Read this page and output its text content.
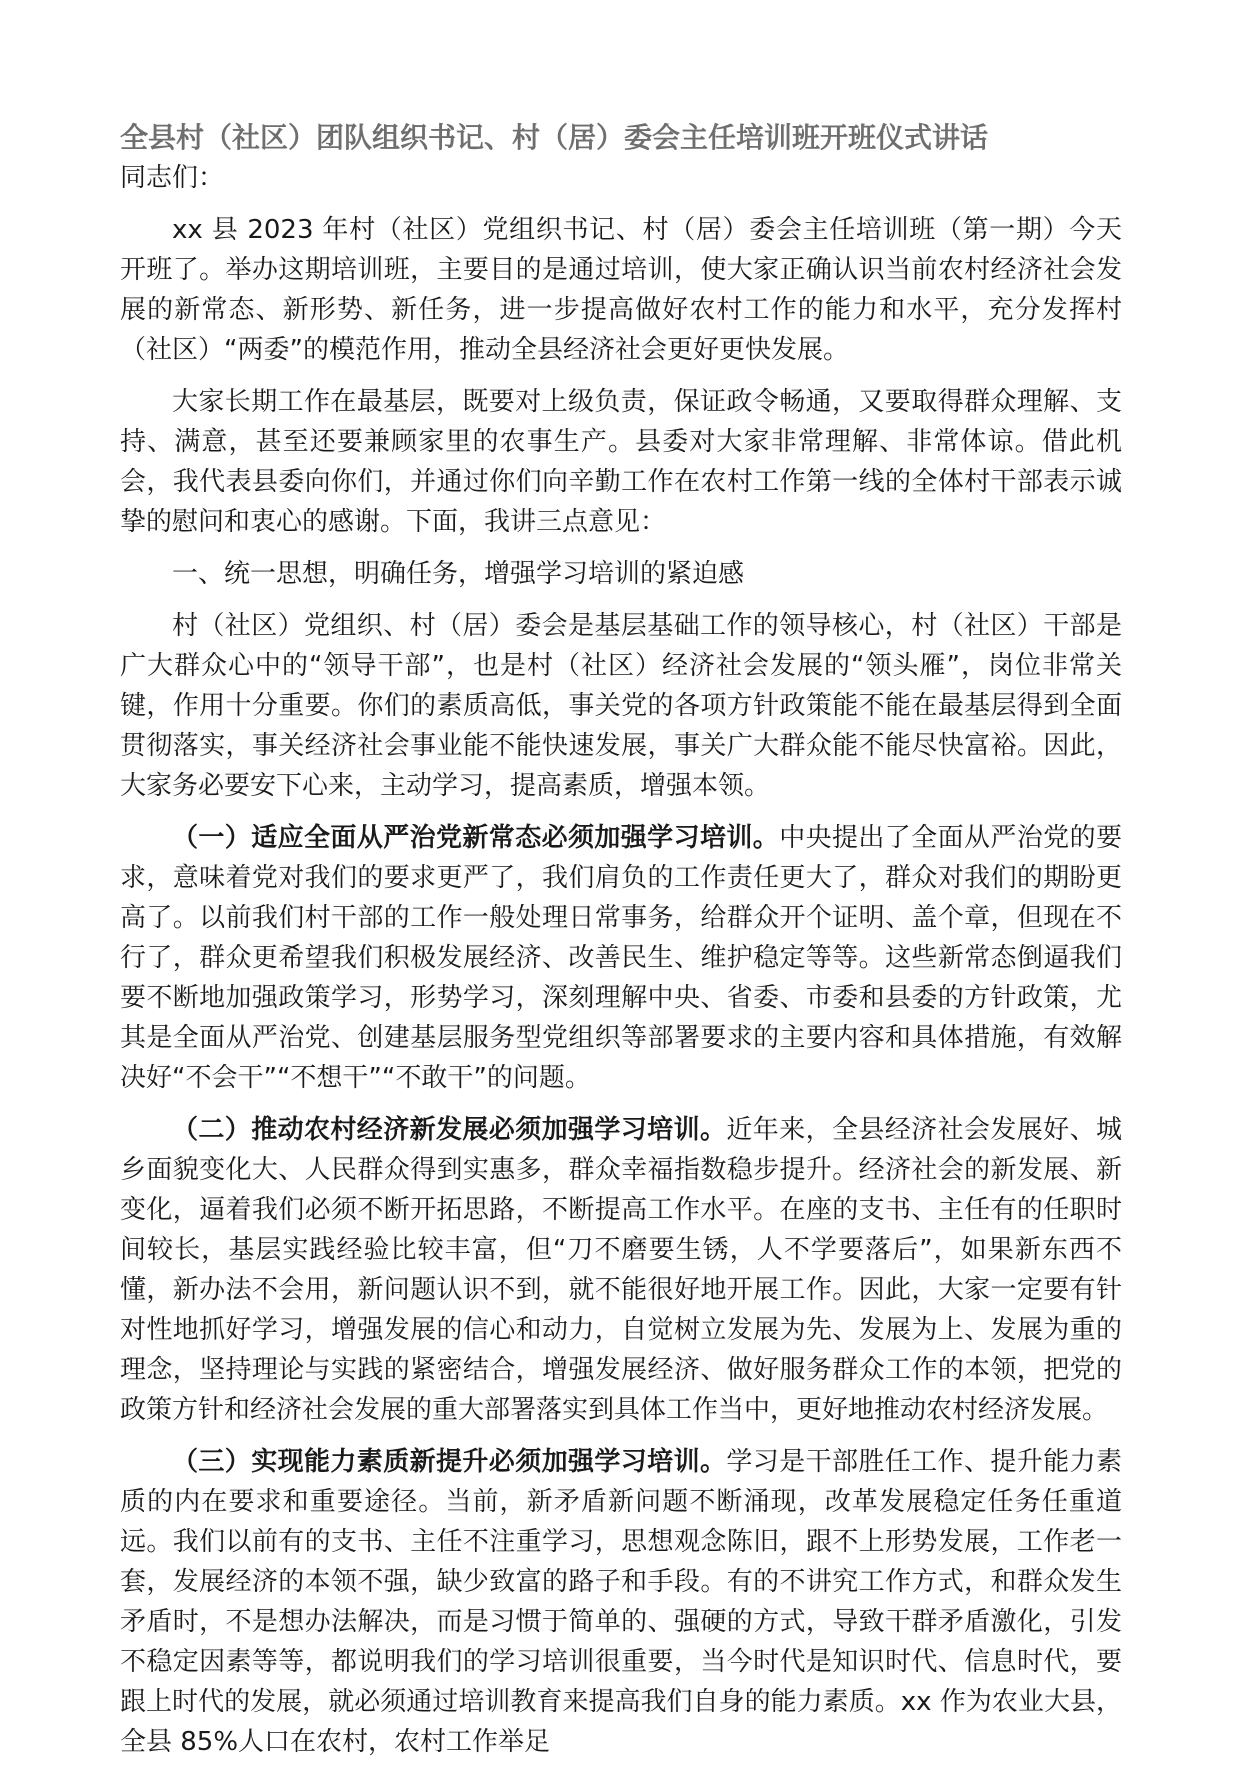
全县村（社区）团队组织书记、村（居）委会主任培训班开班仪式讲话

同志们：

xx 县 2023 年村（社区）党组织书记、村（居）委会主任培训班（第一期）今天开班了。举办这期培训班，主要目的是通过培训，使大家正确认识当前农村经济社会发展的新常态、新形势、新任务，进一步提高做好农村工作的能力和水平，充分发挥村（社区）“两委”的模范作用，推动全县经济社会更好更快发展。

大家长期工作在最基层，既要对上级负责，保证政令畅通，又要取得群众理解、支持、满意，甚至还要兼顾家里的农事生产。县委对大家非常理解、非常体谅。借此机会，我代表县委向你们，并通过你们向辛勤工作在农村工作第一线的全体村干部表示诚挚的慰问和衷心的感谢。下面，我讲三点意见：

一、统一思想，明确任务，增强学习培训的紧迫感

村（社区）党组织、村（居）委会是基层基础工作的领导核心，村（社区）干部是广大群众心中的“领导干部”，也是村（社区）经济社会发展的“领头雁”，岗位非常关键，作用十分重要。你们的素质高低，事关党的各项方针政策能不能在最基层得到全面贯彻落实，事关经济社会事业能不能快速发展，事关广大群众能不能尽快富裕。因此，大家务必要安下心来，主动学习，提高素质，增强本领。

（一）适应全面从严治党新常态必须加强学习培训。中央提出了全面从严治党的要求，意味着党对我们的要求更严了，我们肩负的工作责任更大了，群众对我们的期盼更高了。以前我们村干部的工作一般处理日常事务，给群众开个证明、盖个章，但现在不行了，群众更希望我们积极发展经济、改善民生、维护稳定等等。这些新常态倒逼我们要不断地加强政策学习，形势学习，深刻理解中央、省委、市委和县委的方针政策，尤其是全面从严治党、创建基层服务型党组织等部署要求的主要内容和具体措施，有效解决好“不会干”“不想干”“不敢干”的问题。

（二）推动农村经济新发展必须加强学习培训。近年来，全县经济社会发展好、城乡面貌变化大、人民群众得到实惠多，群众幸福指数稳步提升。经济社会的新发展、新变化，逼着我们必须不断开拓思路，不断提高工作水平。在座的支书、主任有的任职时间较长，基层实践经验比较丰富，但“刀不磨要生锈，人不学要落后”，如果新东西不懂，新办法不会用，新问题认识不到，就不能很好地开展工作。因此，大家一定要有针对性地抓好学习，增强发展的信心和动力，自觉树立发展为先、发展为上、发展为重的理念，坚持理论与实践的紧密结合，增强发展经济、做好服务群众工作的本领，把党的政策方针和经济社会发展的重大部署落实到具体工作当中，更好地推动农村经济发展。

（三）实现能力素质新提升必须加强学习培训。学习是干部胜任工作、提升能力素质的内在要求和重要途径。当前，新矛盾新问题不断涌现，改革发展稳定任务任重道远。我们以前有的支书、主任不注重学习，思想观念陈旧，跟不上形势发展，工作老一套，发展经济的本领不强，缺少致富的路子和手段。有的不讲究工作方式，和群众发生矛盾时，不是想办法解决，而是习惯于简单的、强硬的方式，导致干群矛盾激化，引发不稳定因素等等，都说明我们的学习培训很重要，当今时代是知识时代、信息时代，要跟上时代的发展，就必须通过培训教育来提高我们自身的能力素质。xx 作为农业大县，全县 85%人口在农村，农村工作举足
